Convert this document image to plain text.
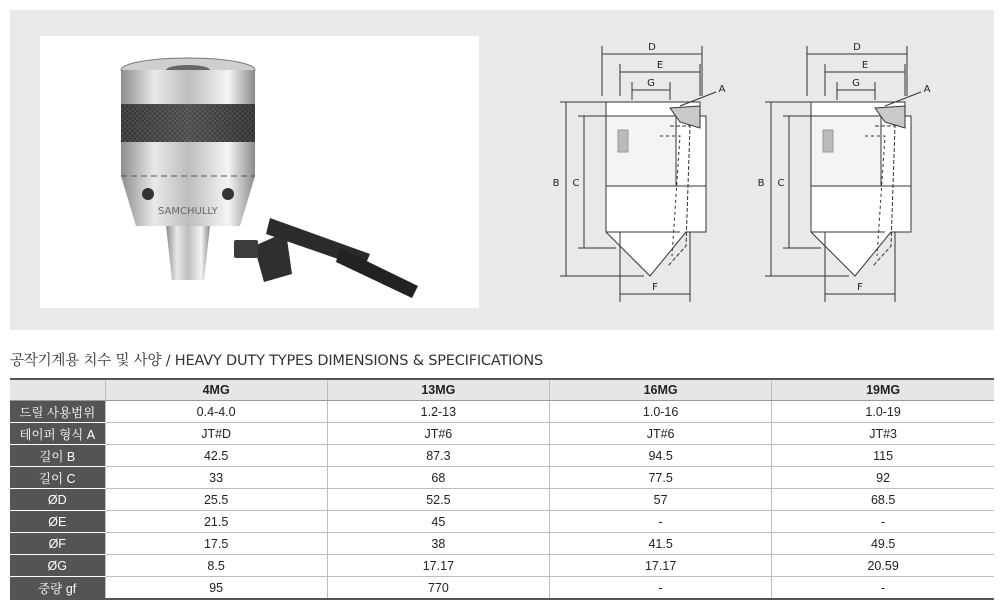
SAMCHULLY
D
E
G
A
B C
F
D
E
G
A
B C
F
공작기계용 치수 및 사양 / HEAVY DUTY TYPES DIMENSIONS & SPECIFICATIONS
	4MG	13MG	16MG	19MG
드릴 사용범위	0.4-4.0	1.2-13	1.0-16	1.0-19
테이퍼 형식 A	JT#D	JT#6	JT#6	JT#3
길이 B	42.5	87.3	94.5	115
길이 C	33	68	77.5	92
ØD	25.5	52.5	57	68.5
ØE	21.5	45	-	-
ØF	17.5	38	41.5	49.5
ØG	8.5	17.17	17.17	20.59
중량 gf	95	770	-	-
